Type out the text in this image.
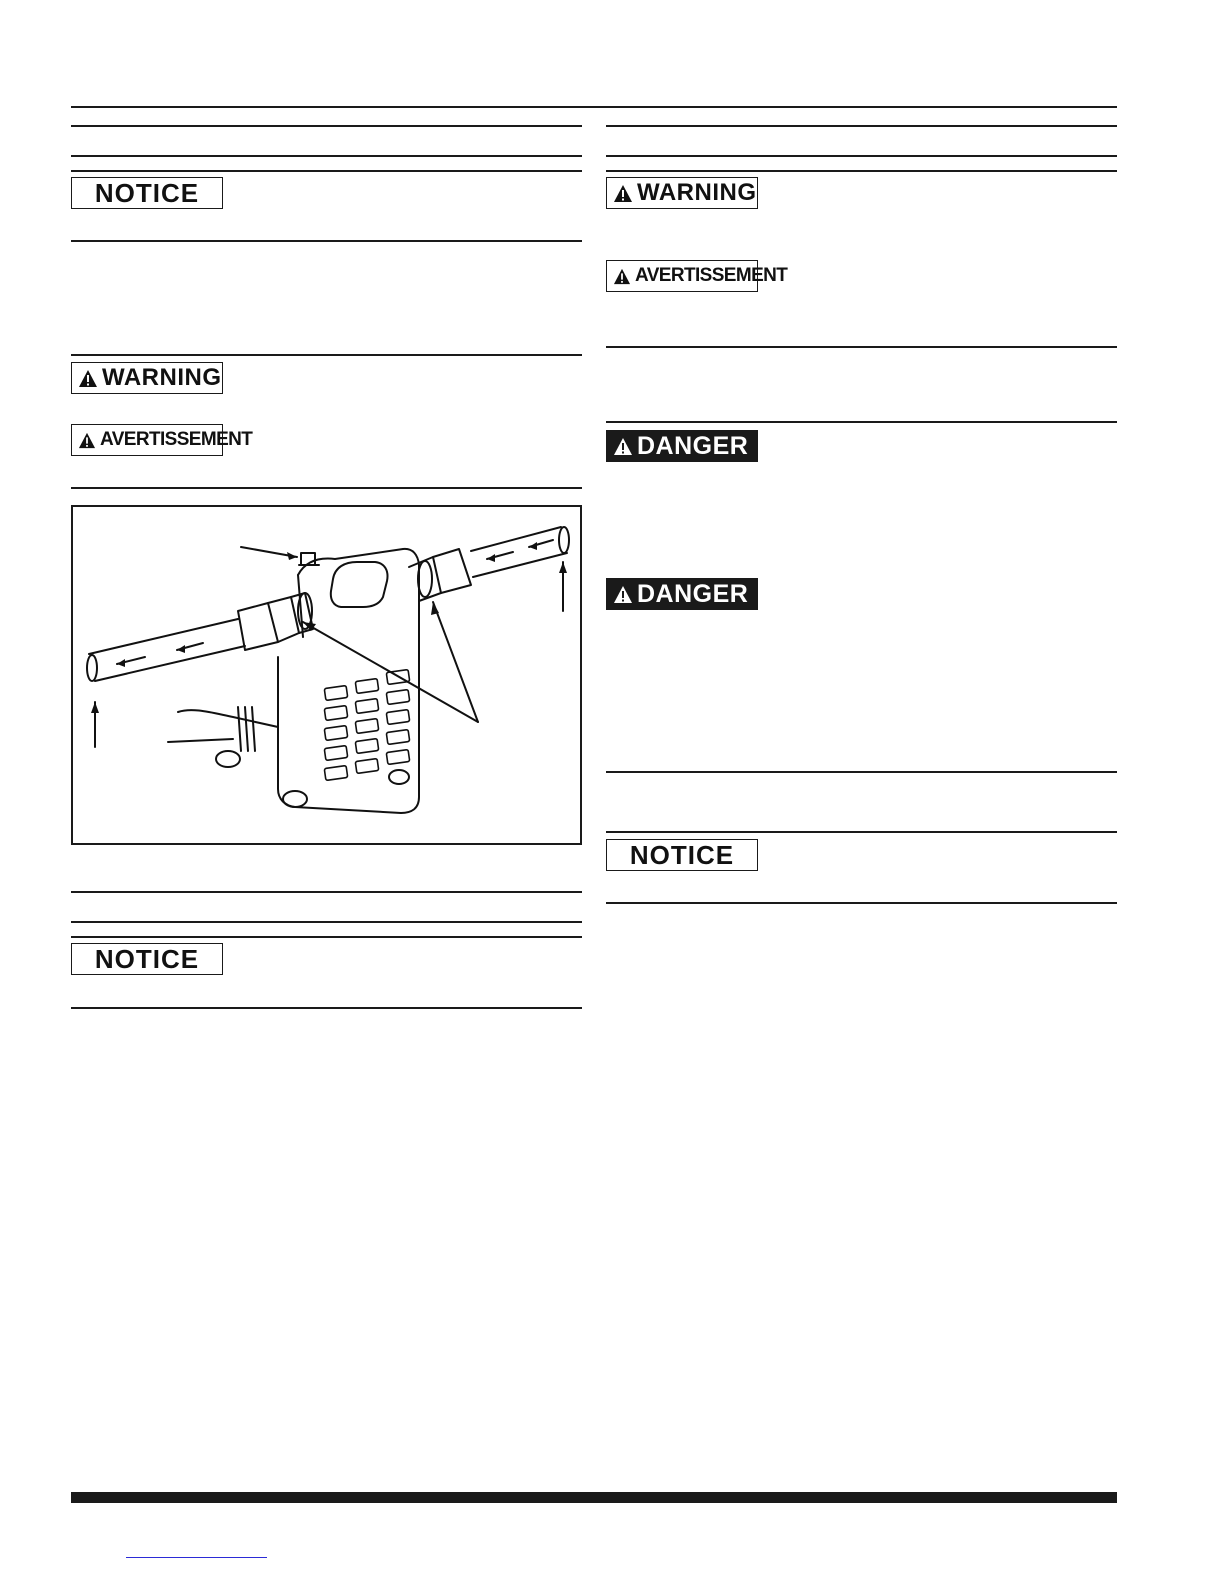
NOTICE
WARNING
AVERTISSEMENT
NOTICE
WARNING
AVERTISSEMENT
DANGER
DANGER
NOTICE
